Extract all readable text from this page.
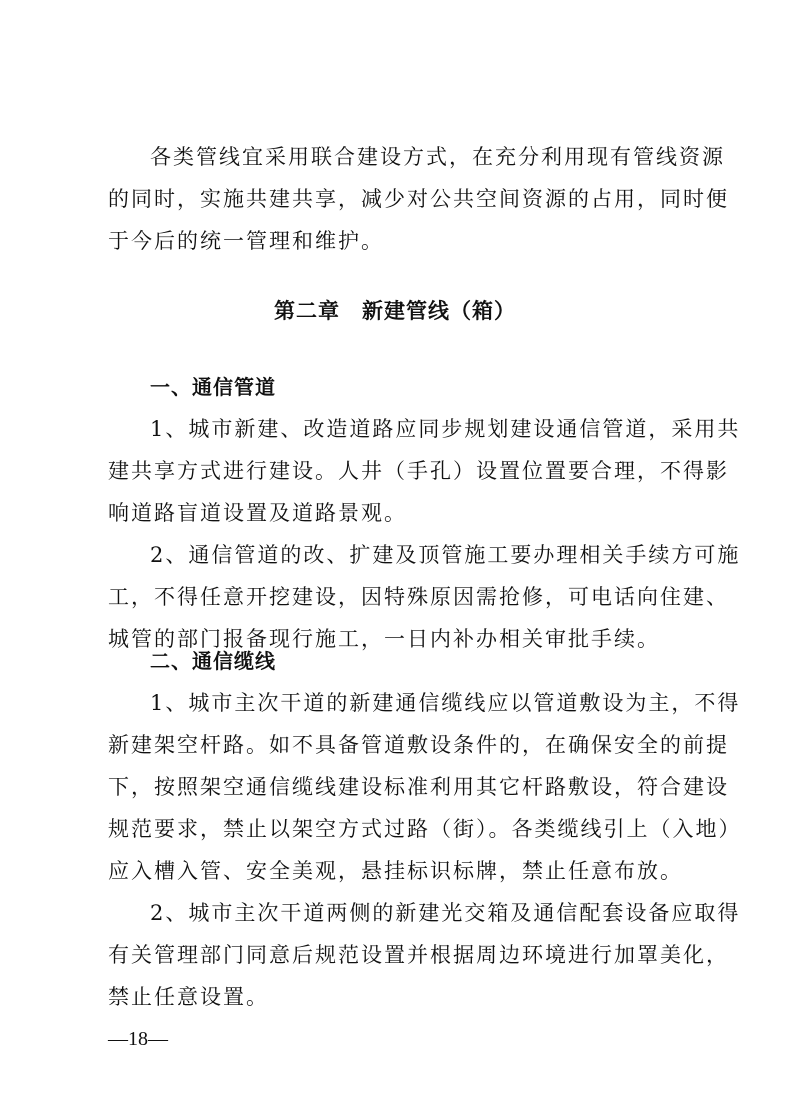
各类管线宜采用联合建设方式，在充分利用现有管线资源
的同时，实施共建共享，减少对公共空间资源的占用，同时便
于今后的统一管理和维护。
第二章　新建管线（箱）
一、通信管道
1、城市新建、改造道路应同步规划建设通信管道，采用共
建共享方式进行建设。人井（手孔）设置位置要合理，不得影
响道路盲道设置及道路景观。
2、通信管道的改、扩建及顶管施工要办理相关手续方可施
工，不得任意开挖建设，因特殊原因需抢修，可电话向住建、
城管的部门报备现行施工，一日内补办相关审批手续。
二、通信缆线
1、城市主次干道的新建通信缆线应以管道敷设为主，不得
新建架空杆路。如不具备管道敷设条件的，在确保安全的前提
下，按照架空通信缆线建设标准利用其它杆路敷设，符合建设
规范要求，禁止以架空方式过路（街）。各类缆线引上（入地）
应入槽入管、安全美观，悬挂标识标牌，禁止任意布放。
2、城市主次干道两侧的新建光交箱及通信配套设备应取得
有关管理部门同意后规范设置并根据周边环境进行加罩美化，
禁止任意设置。
—18—
